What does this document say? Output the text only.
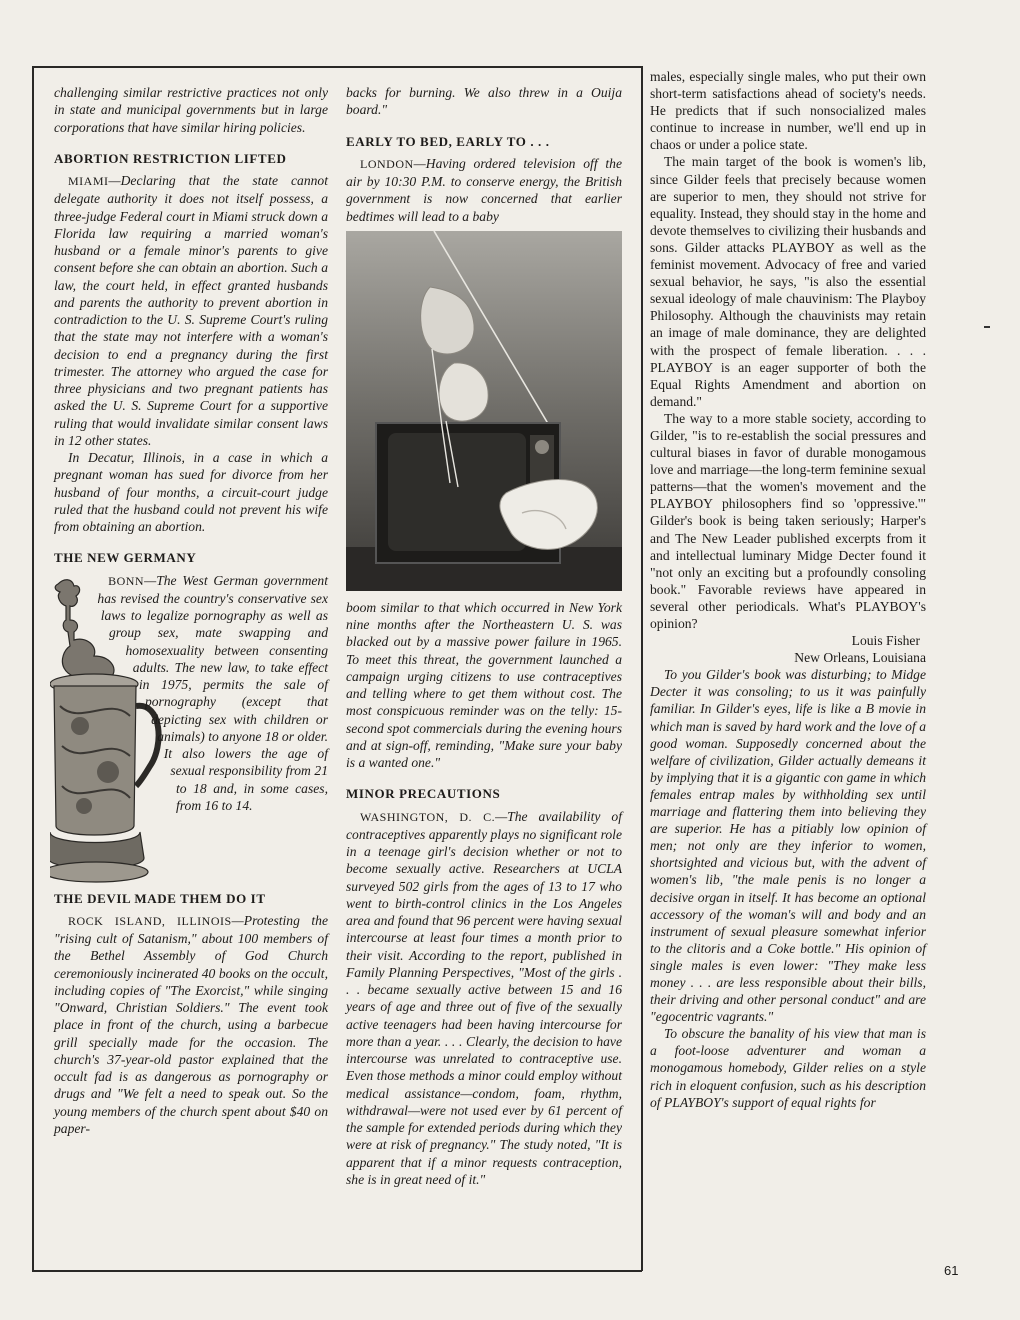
challenging similar restrictive practices not only in state and municipal governments but in large corporations that have similar hiring policies.

ABORTION RESTRICTION LIFTED

MIAMI—Declaring that the state cannot delegate authority it does not itself possess, a three-judge Federal court in Miami struck down a Florida law requiring a married woman's husband or a female minor's parents to give consent before she can obtain an abortion. Such a law, the court held, in effect granted husbands and parents the authority to prevent abortion in contradiction to the U. S. Supreme Court's ruling that the state may not interfere with a woman's decision to end a pregnancy during the first trimester. The attorney who argued the case for three physicians and two pregnant patients has asked the U. S. Supreme Court for a supportive ruling that would invalidate similar consent laws in 12 other states.

In Decatur, Illinois, in a case in which a pregnant woman has sued for divorce from her husband of four months, a circuit-court judge ruled that the husband could not prevent his wife from obtaining an abortion.

THE NEW GERMANY

BONN—The West German government has revised the country's conservative sex laws to legalize pornography as well as group sex, mate swapping and homosexuality between consenting adults. The new law, to take effect in 1975, permits the sale of pornography (except that depicting sex with children or animals) to anyone 18 or older. It also lowers the age of sexual responsibility from 21 to 18 and, in some cases, from 16 to 14.

THE DEVIL MADE THEM DO IT

ROCK ISLAND, ILLINOIS—Protesting the "rising cult of Satanism," about 100 members of the Bethel Assembly of God Church ceremoniously incinerated 40 books on the occult, including copies of "The Exorcist," while singing "Onward, Christian Soldiers." The event took place in front of the church, using a barbecue grill specially made for the occasion. The church's 37-year-old pastor explained that the occult fad is as dangerous as pornography or drugs and "We felt a need to speak out. So the young members of the church spent about $40 on paper-

backs for burning. We also threw in a Ouija board."

EARLY TO BED, EARLY TO . . .

LONDON—Having ordered television off the air by 10:30 P.M. to conserve energy, the British government is now concerned that earlier bedtimes will lead to a baby

boom similar to that which occurred in New York nine months after the Northeastern U. S. was blacked out by a massive power failure in 1965. To meet this threat, the government launched a campaign urging citizens to use contraceptives and telling where to get them without cost. The most conspicuous reminder was on the telly: 15-second spot commercials during the evening hours and at sign-off, reminding, "Make sure your baby is a wanted one."

MINOR PRECAUTIONS

WASHINGTON, D. C.—The availability of contraceptives apparently plays no significant role in a teenage girl's decision whether or not to become sexually active. Researchers at UCLA surveyed 502 girls from the ages of 13 to 17 who went to birth-control clinics in the Los Angeles area and found that 96 percent were having sexual intercourse at least four times a month prior to their visit. According to the report, published in Family Planning Perspectives, "Most of the girls . . . became sexually active between 15 and 16 years of age and three out of five of the sexually active teenagers had been having intercourse for more than a year. . . . Clearly, the decision to have intercourse was unrelated to contraceptive use. Even those methods a minor could employ without medical assistance—condom, foam, rhythm, withdrawal—were not used ever by 61 percent of the sample for extended periods during which they were at risk of pregnancy." The study noted, "It is apparent that if a minor requests contraception, she is in great need of it."

males, especially single males, who put their own short-term satisfactions ahead of society's needs. He predicts that if such nonsocialized males continue to increase in number, we'll end up in chaos or under a police state.

The main target of the book is women's lib, since Gilder feels that precisely because women are superior to men, they should not strive for equality. Instead, they should stay in the home and devote themselves to civilizing their husbands and sons. Gilder attacks PLAYBOY as well as the feminist movement. Advocacy of free and varied sexual behavior, he says, "is also the essential sexual ideology of male chauvinism: The Playboy Philosophy. Although the chauvinists may retain an image of male dominance, they are delighted with the prospect of female liberation. . . . PLAYBOY is an eager supporter of both the Equal Rights Amendment and abortion on demand."

The way to a more stable society, according to Gilder, "is to re-establish the social pressures and cultural biases in favor of durable monogamous love and marriage—the long-term feminine sexual patterns—that the women's movement and the PLAYBOY philosophers find so 'oppressive.'" Gilder's book is being taken seriously; Harper's and The New Leader published excerpts from it and intellectual luminary Midge Decter found it "not only an exciting but a profoundly consoling book." Favorable reviews have appeared in several other periodicals. What's PLAYBOY's opinion?

Louis Fisher

New Orleans, Louisiana

To you Gilder's book was disturbing; to Midge Decter it was consoling; to us it was painfully familiar. In Gilder's eyes, life is like a B movie in which man is saved by hard work and the love of a good woman. Supposedly concerned about the welfare of civilization, Gilder actually demeans it by implying that it is a gigantic con game in which females entrap males by withholding sex until marriage and flattering them into believing they are superior. He has a pitiably low opinion of men; not only are they inferior to women, shortsighted and vicious but, with the advent of women's lib, "the male penis is no longer a decisive organ in itself. It has become an optional accessory of the woman's will and body and an instrument of sexual pleasure somewhat inferior to the clitoris and a Coke bottle." His opinion of single males is even lower: "They make less money . . . are less responsible about their bills, their driving and other personal conduct" and are "egocentric vagrants."

To obscure the banality of his view that man is a foot-loose adventurer and woman a monogamous homebody, Gilder relies on a style rich in eloquent confusion, such as his description of PLAYBOY's support of equal rights for

61
